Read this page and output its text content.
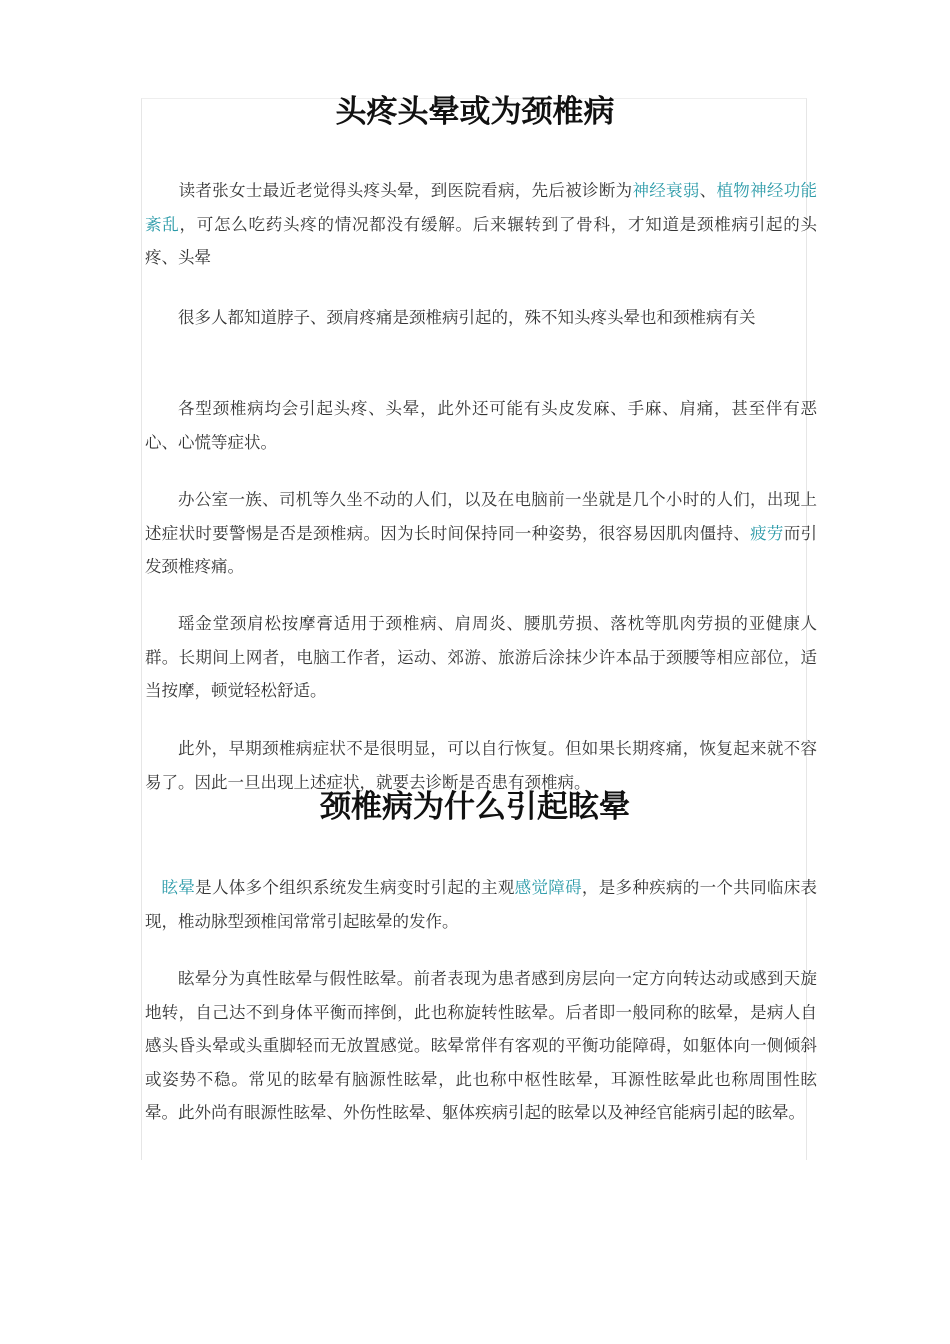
头疼头晕或为颈椎病

　　读者张女士最近老觉得头疼头晕，到医院看病，先后被诊断为神经衰弱、植物神经功能紊乱，可怎么吃药头疼的情况都没有缓解。后来辗转到了骨科，才知道是颈椎病引起的头疼、头晕

很多人都知道脖子、颈肩疼痛是颈椎病引起的，殊不知头疼头晕也和颈椎病有关

各型颈椎病均会引起头疼、头晕，此外还可能有头皮发麻、手麻、肩痛，甚至伴有恶心、心慌等症状。

办公室一族、司机等久坐不动的人们，以及在电脑前一坐就是几个小时的人们，出现上述症状时要警惕是否是颈椎病。因为长时间保持同一种姿势，很容易因肌肉僵持、疲劳而引发颈椎疼痛。

瑶金堂颈肩松按摩膏适用于颈椎病、肩周炎、腰肌劳损、落枕等肌肉劳损的亚健康人群。长期间上网者，电脑工作者，运动、郊游、旅游后涂抹少许本品于颈腰等相应部位，适当按摩，顿觉轻松舒适。

此外，早期颈椎病症状不是很明显，可以自行恢复。但如果长期疼痛，恢复起来就不容易了。因此一旦出现上述症状，就要去诊断是否患有颈椎病。

颈椎病为什么引起眩晕

眩晕是人体多个组织系统发生病变时引起的主观感觉障碍，是多种疾病的一个共同临床表现，椎动脉型颈椎闰常常引起眩晕的发作。

眩晕分为真性眩晕与假性眩晕。前者表现为患者感到房层向一定方向转达动或感到天旋地转，自己达不到身体平衡而摔倒，此也称旋转性眩晕。后者即一般同称的眩晕，是病人自感头昏头晕或头重脚轻而无放置感觉。眩晕常伴有客观的平衡功能障碍，如躯体向一侧倾斜或姿势不稳。常见的眩晕有脑源性眩晕，此也称中枢性眩晕，耳源性眩晕此也称周围性眩晕。此外尚有眼源性眩晕、外伤性眩晕、躯体疾病引起的眩晕以及神经官能病引起的眩晕。
